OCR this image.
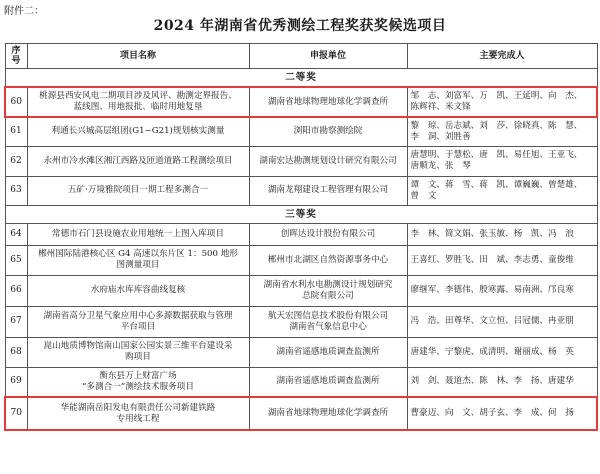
附件二：
2024 年湖南省优秀测绘工程奖获奖候选项目
序
号	项目名称	申报单位	主要完成人
二等奖			
60	桃源县西安风电二期项目涉及风评、勘测定界报告、
蓝线图、用地报批、临时用地复垦	湖南省地球物理地球化学调查所	邹　志、刘富军、万　凯、王延明、向　杰、
陈辉祥、米文锋
61	利通长兴城高层组团(G1~G21)规划核实测量	浏阳市勘察测绘院	黎　琼、岳志斌、刘　莎、徐晓真、陈　慧、
李　洞、刘胜善
62	永州市冷水滩区湘江西路及匝道道路工程测绘项目	湖南宏达勘测规划设计研究有限公司	唐慧明、于慧松、唐　凯、易任旭、王亚飞、
唐顺龙、张　琴
63	五矿·万境雅院项目一期工程多测合一	湖南龙翔建设工程管理有限公司	谭　文、蒋　雪、蒋　凯、谭巍巍、曾楚雄、
曾　文
三等奖			
64	常德市石门县设施农业用地统一上图入库项目	创晖达设计股份有限公司	李　林、简文娟、张玉敏、杨　凯、冯　浪
65	郴州国际陆港核心区 G4 高速以东片区 1：500 地形
图测量项目	郴州市北湖区自然资源事务中心	王喜红、罗胜飞、田　斌、李志勇、童俊维
66	水府庙水库库容曲线复核	湖南省水利水电勘测设计规划研究
总院有限公司	廖继军、李德伟、殷寒露、易南洲、邝良寒
67	湖南省高分卫星气象应用中心多源数据获取与管理
平台项目	航天宏图信息技术股份有限公司
湖南省气象信息中心	冯　浩、田尊华、文立恒、吕冠儒、冉亚朋
68	崑山地质博物馆南山国家公园实景三维平台建设采
购项目	湖南省遥感地质调查监测所	唐建华、宁黎虎、成清明、谢丽成、杨　英
69	衡东县万上财富广场
“多测合一”测绘技术服务项目	湖南省遥感地质调查监测所	刘　剑、聂道杰、陈　林、李　扬、唐建华
70	华能湖南岳阳发电有限责任公司新建铁路
专用线工程	湖南省地球物理地球化学调查所	曹豪迈、向　文、胡子玄、李　成、何　扬
